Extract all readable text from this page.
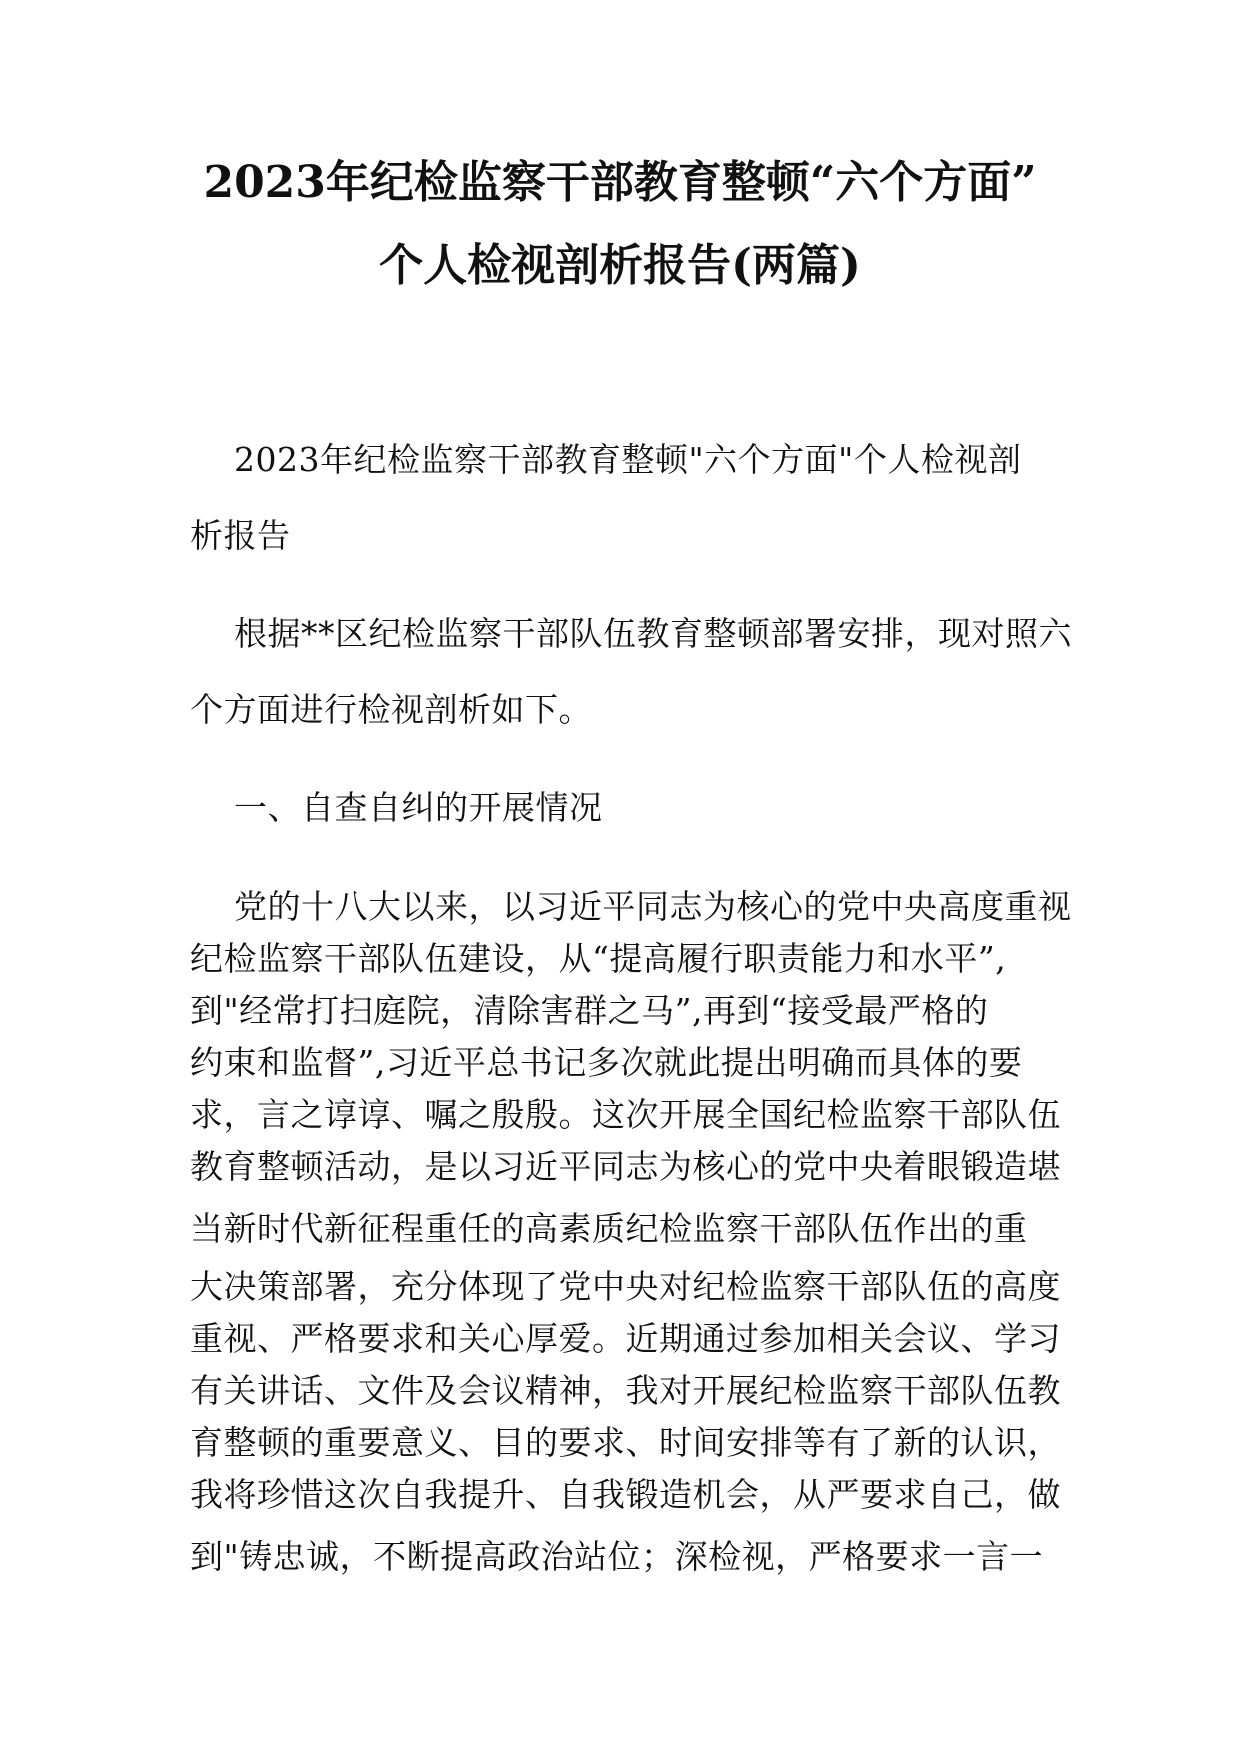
2023年纪检监察干部教育整顿“六个方面”
个人检视剖析报告(两篇)
2023年纪检监察干部教育整顿"六个方面"个人检视剖
析报告
根据**区纪检监察干部队伍教育整顿部署安排，现对照六
个方面进行检视剖析如下。
一、自查自纠的开展情况
党的十八大以来，以习近平同志为核心的党中央高度重视
纪检监察干部队伍建设，从“提高履行职责能力和水平”,
到"经常打扫庭院，清除害群之马”,再到“接受最严格的
约束和监督”,习近平总书记多次就此提出明确而具体的要
求，言之谆谆、嘱之殷殷。这次开展全国纪检监察干部队伍
教育整顿活动，是以习近平同志为核心的党中央着眼锻造堪
当新时代新征程重任的高素质纪检监察干部队伍作出的重
大决策部署，充分体现了党中央对纪检监察干部队伍的高度
重视、严格要求和关心厚爱。近期通过参加相关会议、学习
有关讲话、文件及会议精神，我对开展纪检监察干部队伍教
育整顿的重要意义、目的要求、时间安排等有了新的认识，
我将珍惜这次自我提升、自我锻造机会，从严要求自己，做
到"铸忠诚，不断提高政治站位；深检视，严格要求一言一
